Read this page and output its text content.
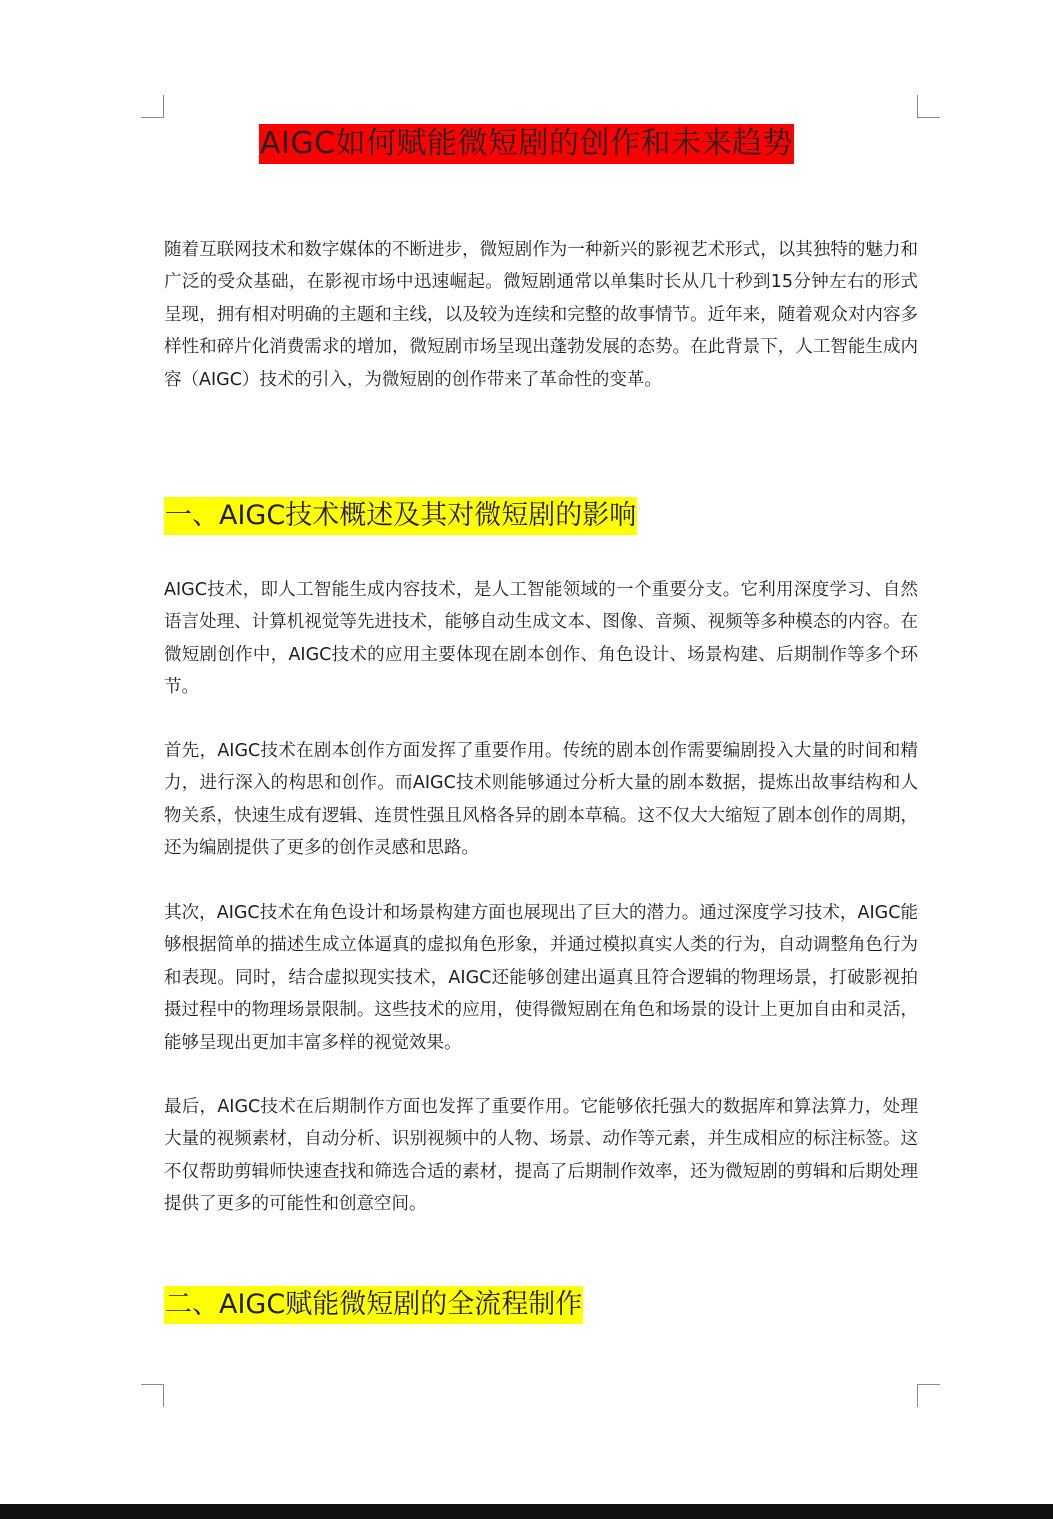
AIGC如何赋能微短剧的创作和未来趋势

随着互联网技术和数字媒体的不断进步，微短剧作为一种新兴的影视艺术形式，以其独特的魅力和广泛的受众基础，在影视市场中迅速崛起。微短剧通常以单集时长从几十秒到15分钟左右的形式呈现，拥有相对明确的主题和主线，以及较为连续和完整的故事情节。近年来，随着观众对内容多样性和碎片化消费需求的增加，微短剧市场呈现出蓬勃发展的态势。在此背景下，人工智能生成内容（AIGC）技术的引入，为微短剧的创作带来了革命性的变革。

一、AIGC技术概述及其对微短剧的影响

AIGC技术，即人工智能生成内容技术，是人工智能领域的一个重要分支。它利用深度学习、自然语言处理、计算机视觉等先进技术，能够自动生成文本、图像、音频、视频等多种模态的内容。在微短剧创作中，AIGC技术的应用主要体现在剧本创作、角色设计、场景构建、后期制作等多个环节。

首先，AIGC技术在剧本创作方面发挥了重要作用。传统的剧本创作需要编剧投入大量的时间和精力，进行深入的构思和创作。而AIGC技术则能够通过分析大量的剧本数据，提炼出故事结构和人物关系，快速生成有逻辑、连贯性强且风格各异的剧本草稿。这不仅大大缩短了剧本创作的周期，还为编剧提供了更多的创作灵感和思路。

其次，AIGC技术在角色设计和场景构建方面也展现出了巨大的潜力。通过深度学习技术，AIGC能够根据简单的描述生成立体逼真的虚拟角色形象，并通过模拟真实人类的行为，自动调整角色行为和表现。同时，结合虚拟现实技术，AIGC还能够创建出逼真且符合逻辑的物理场景，打破影视拍摄过程中的物理场景限制。这些技术的应用，使得微短剧在角色和场景的设计上更加自由和灵活，能够呈现出更加丰富多样的视觉效果。

最后，AIGC技术在后期制作方面也发挥了重要作用。它能够依托强大的数据库和算法算力，处理大量的视频素材，自动分析、识别视频中的人物、场景、动作等元素，并生成相应的标注标签。这不仅帮助剪辑师快速查找和筛选合适的素材，提高了后期制作效率，还为微短剧的剪辑和后期处理提供了更多的可能性和创意空间。

二、AIGC赋能微短剧的全流程制作
